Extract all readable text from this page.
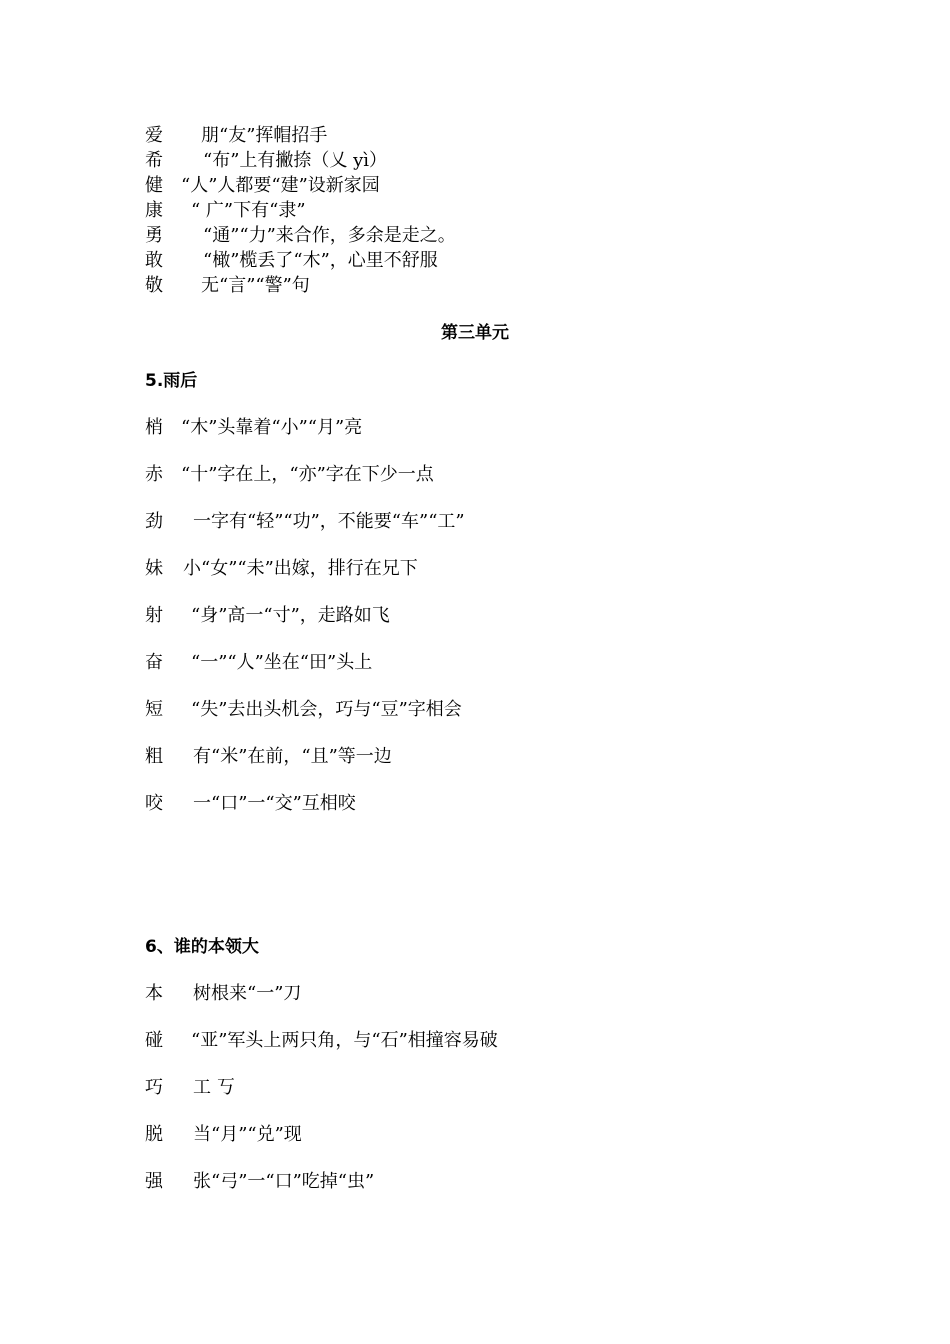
爱 朋“友”挥帽招手
希 “布”上有撇捺（乂 yì）
健 “人”人都要“建”设新家园
康 “ 广”下有“隶”
勇 “通”“力”来合作，多余是走之。
敢 “橄”榄丢了“木”，心里不舒服
敬 无“言”“警”句
第三单元
5.雨后
梢 “木”头靠着“小”“月”亮
赤 “十”字在上，“亦”字在下少一点
劲 一字有“轻”“功”，不能要“车”“工”
妹 小“女”“未”出嫁，排行在兄下
射 “身”高一“寸”，走路如飞
奋 “一”“人”坐在“田”头上
短 “失”去出头机会，巧与“豆”字相会
粗 有“米”在前，“且”等一边
咬 一“口”一“交”互相咬
6、谁的本领大
本 树根来“一”刀
碰 “亚”军头上两只角，与“石”相撞容易破
巧 工 丂
脱 当“月”“兑”现
强 张“弓”一“口”吃掉“虫”
